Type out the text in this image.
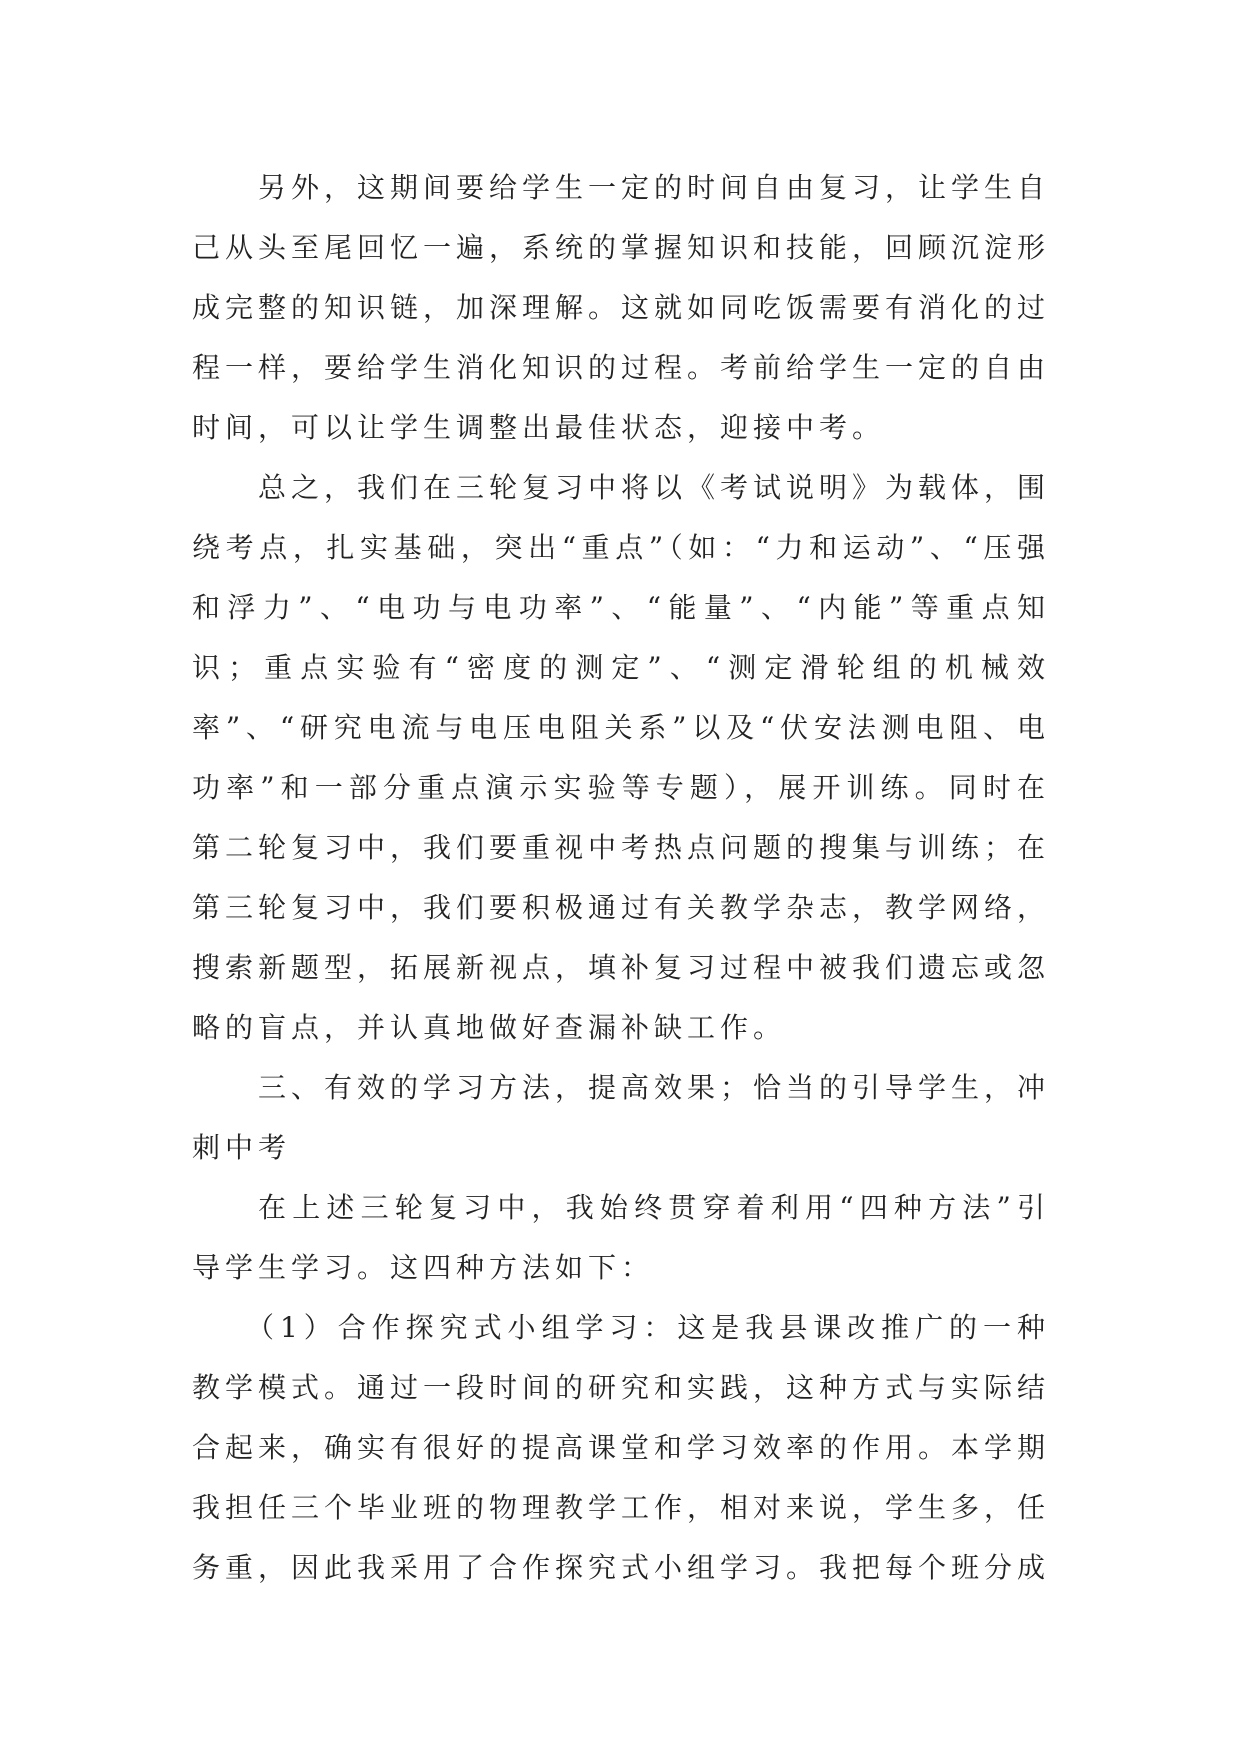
另外，这期间要给学生一定的时间自由复习，让学生自己从头至尾回忆一遍，系统的掌握知识和技能，回顾沉淀形成完整的知识链，加深理解。这就如同吃饭需要有消化的过程一样，要给学生消化知识的过程。考前给学生一定的自由时间，可以让学生调整出最佳状态，迎接中考。

总之，我们在三轮复习中将以《考试说明》为载体，围绕考点，扎实基础，突出“重点”（如：“力和运动”、“压强和浮力”、“电功与电功率”、“能量”、“内能”等重点知识；重点实验有“密度的测定”、“测定滑轮组的机械效率”、“研究电流与电压电阻关系”以及“伏安法测电阻、电功率”和一部分重点演示实验等专题），展开训练。同时在第二轮复习中，我们要重视中考热点问题的搜集与训练；在第三轮复习中，我们要积极通过有关教学杂志，教学网络，搜索新题型，拓展新视点，填补复习过程中被我们遗忘或忽略的盲点，并认真地做好查漏补缺工作。

三、有效的学习方法，提高效果；恰当的引导学生，冲刺中考

在上述三轮复习中，我始终贯穿着利用“四种方法”引导学生学习。这四种方法如下：

（1）合作探究式小组学习：这是我县课改推广的一种教学模式。通过一段时间的研究和实践，这种方式与实际结合起来，确实有很好的提高课堂和学习效率的作用。本学期我担任三个毕业班的物理教学工作，相对来说，学生多，任务重，因此我采用了合作探究式小组学习。我把每个班分成
